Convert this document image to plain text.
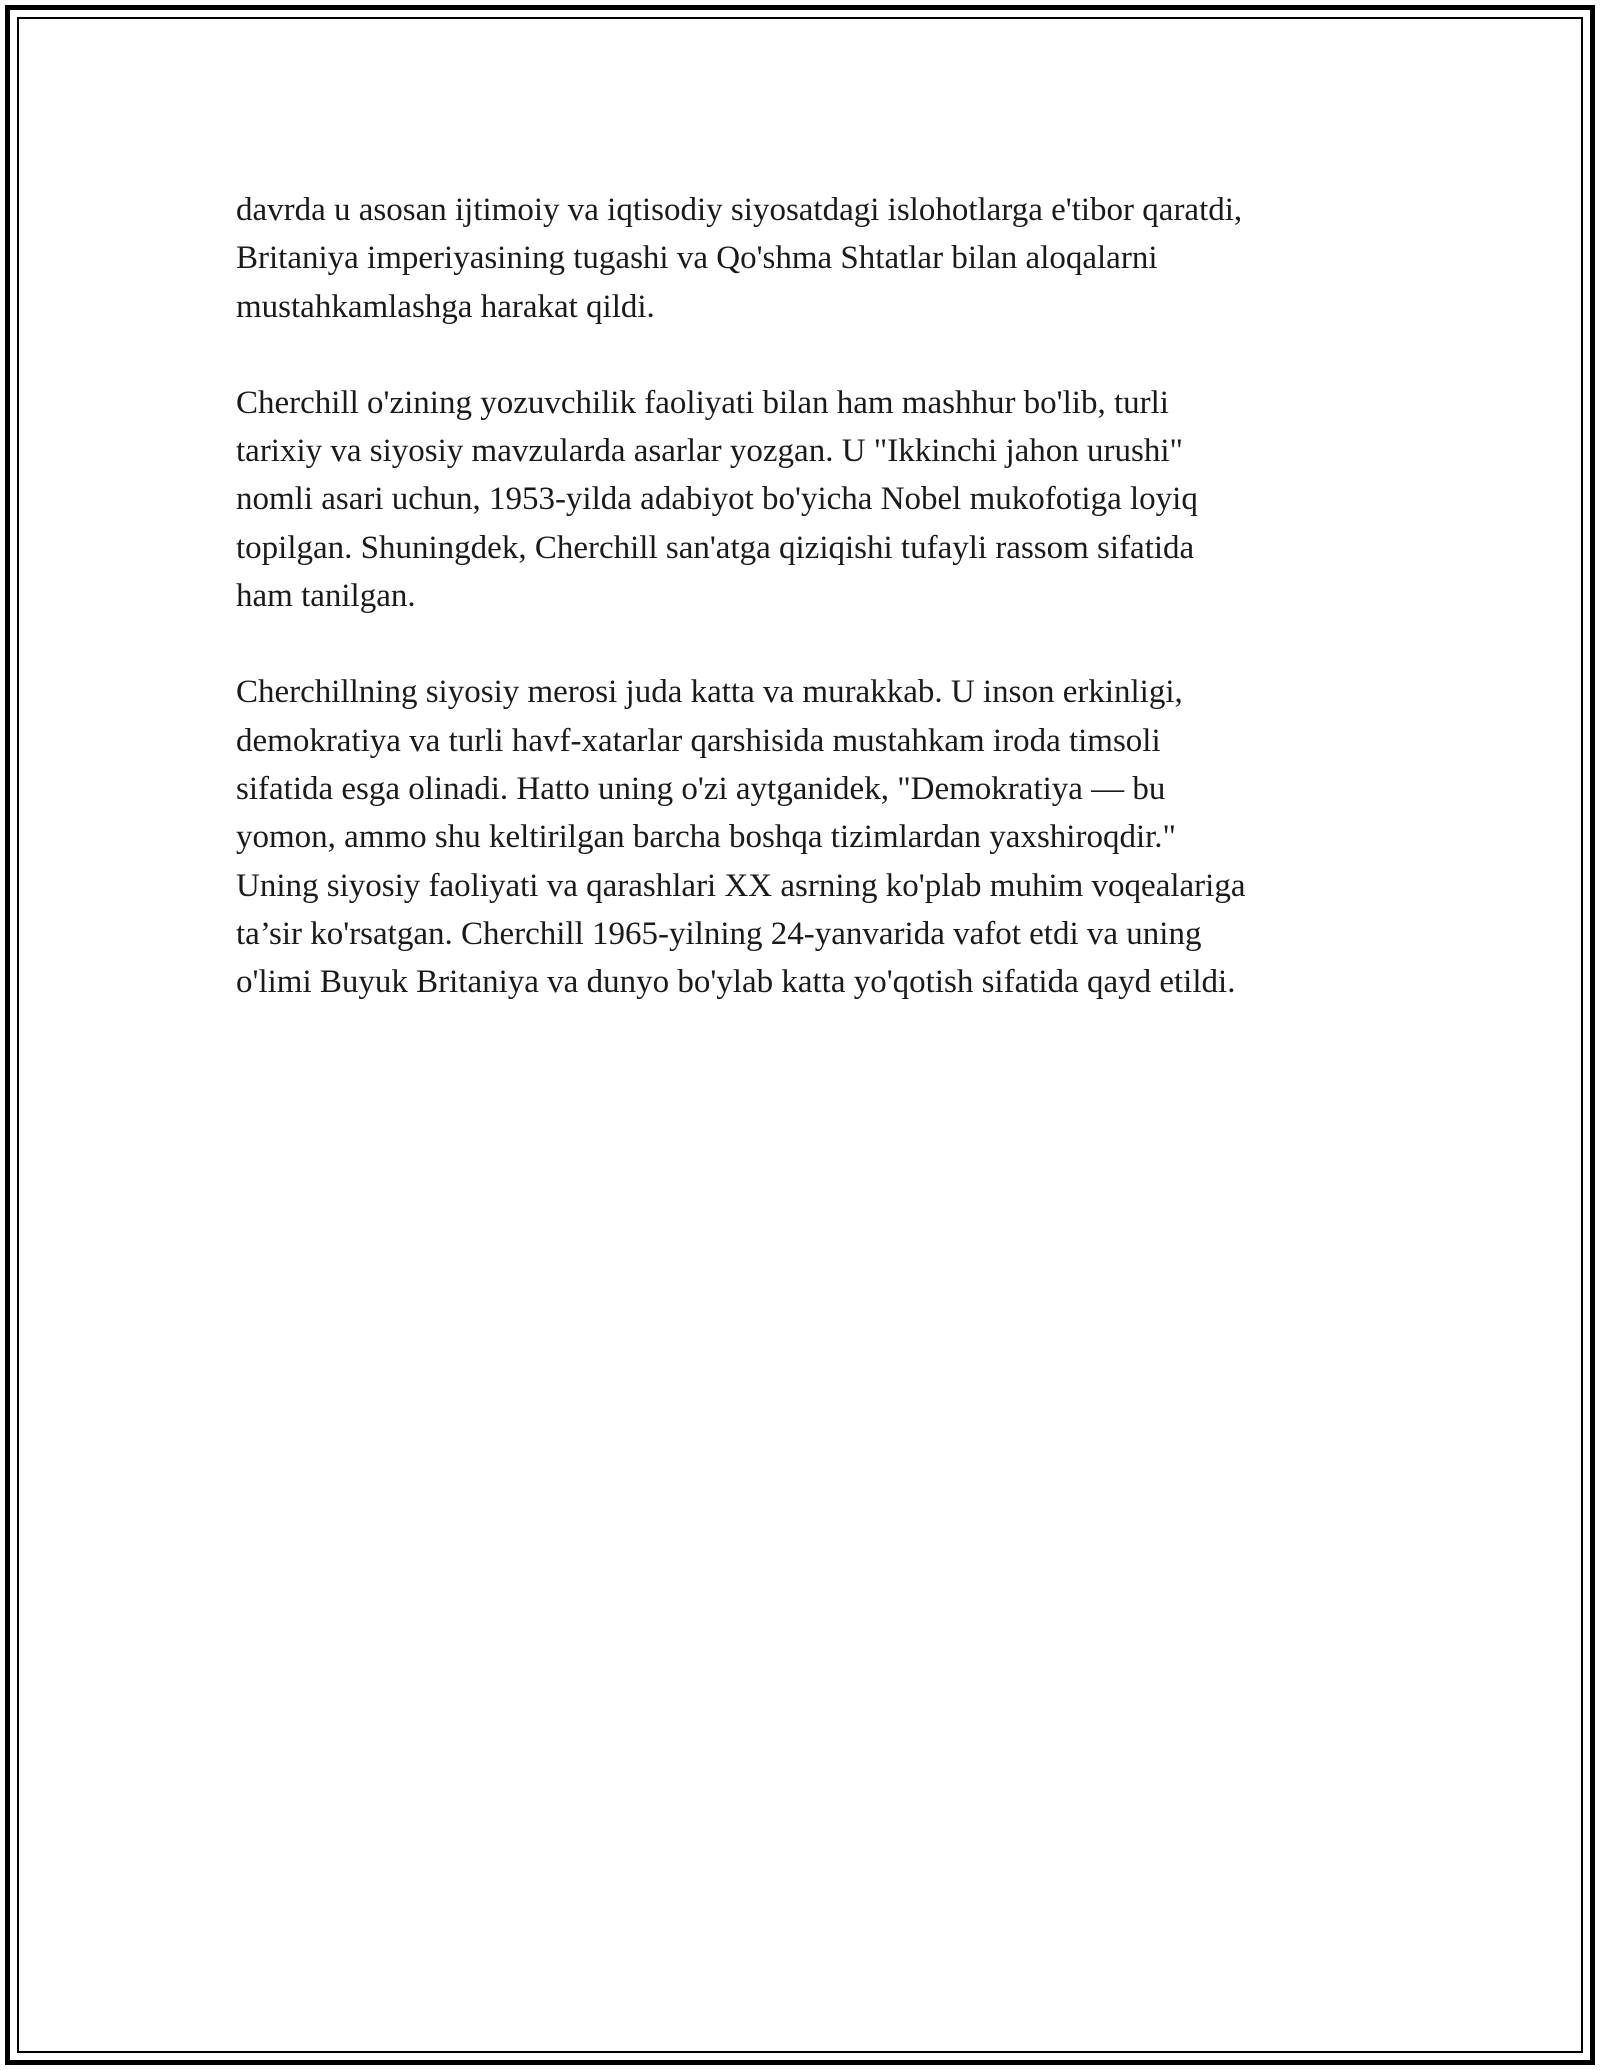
davrda u asosan ijtimoiy va iqtisodiy siyosatdagi islohotlarga e'tibor qaratdi,
Britaniya imperiyasining tugashi va Qo'shma Shtatlar bilan aloqalarni
mustahkamlashga harakat qildi.

Cherchill o'zining yozuvchilik faoliyati bilan ham mashhur bo'lib, turli
tarixiy va siyosiy mavzularda asarlar yozgan. U "Ikkinchi jahon urushi"
nomli asari uchun, 1953-yilda adabiyot bo'yicha Nobel mukofotiga loyiq
topilgan. Shuningdek, Cherchill san'atga qiziqishi tufayli rassom sifatida
ham tanilgan.

Cherchillning siyosiy merosi juda katta va murakkab. U inson erkinligi,
demokratiya va turli havf-xatarlar qarshisida mustahkam iroda timsoli
sifatida esga olinadi. Hatto uning o'zi aytganidek, "Demokratiya — bu
yomon, ammo shu keltirilgan barcha boshqa tizimlardan yaxshiroqdir."
Uning siyosiy faoliyati va qarashlari XX asrning ko'plab muhim voqealariga
ta’sir ko'rsatgan. Cherchill 1965-yilning 24-yanvarida vafot etdi va uning
o'limi Buyuk Britaniya va dunyo bo'ylab katta yo'qotish sifatida qayd etildi.
